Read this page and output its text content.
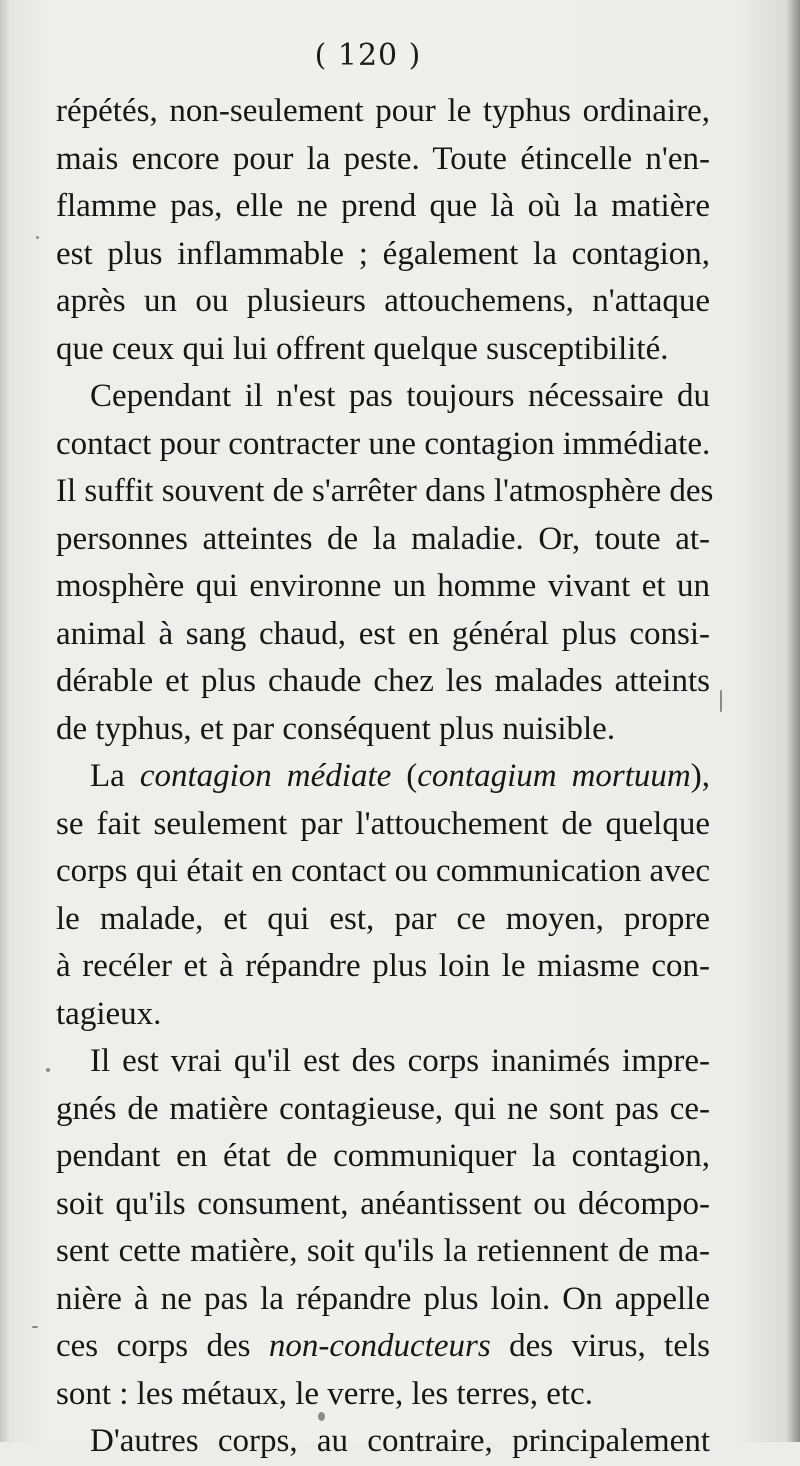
( 120 )
répétés, non-seulement pour le typhus ordinaire,
mais encore pour la peste. Toute étincelle n'en-
flamme pas, elle ne prend que là où la matière
est plus inflammable ; également la contagion,
après un ou plusieurs attouchemens, n'attaque
que ceux qui lui offrent quelque susceptibilité.
Cependant il n'est pas toujours nécessaire du
contact pour contracter une contagion immédiate.
Il suffit souvent de s'arrêter dans l'atmosphère des
personnes atteintes de la maladie. Or, toute at-
mosphère qui environne un homme vivant et un
animal à sang chaud, est en général plus consi-
dérable et plus chaude chez les malades atteints
de typhus, et par conséquent plus nuisible.
La contagion médiate (contagium mortuum),
se fait seulement par l'attouchement de quelque
corps qui était en contact ou communication avec
le malade, et qui est, par ce moyen, propre
à recéler et à répandre plus loin le miasme con-
tagieux.
Il est vrai qu'il est des corps inanimés impre-
gnés de matière contagieuse, qui ne sont pas ce-
pendant en état de communiquer la contagion,
soit qu'ils consument, anéantissent ou décompo-
sent cette matière, soit qu'ils la retiennent de ma-
nière à ne pas la répandre plus loin. On appelle
ces corps des non-conducteurs des virus, tels
sont : les métaux, le verre, les terres, etc.
D'autres corps, au contraire, principalement
